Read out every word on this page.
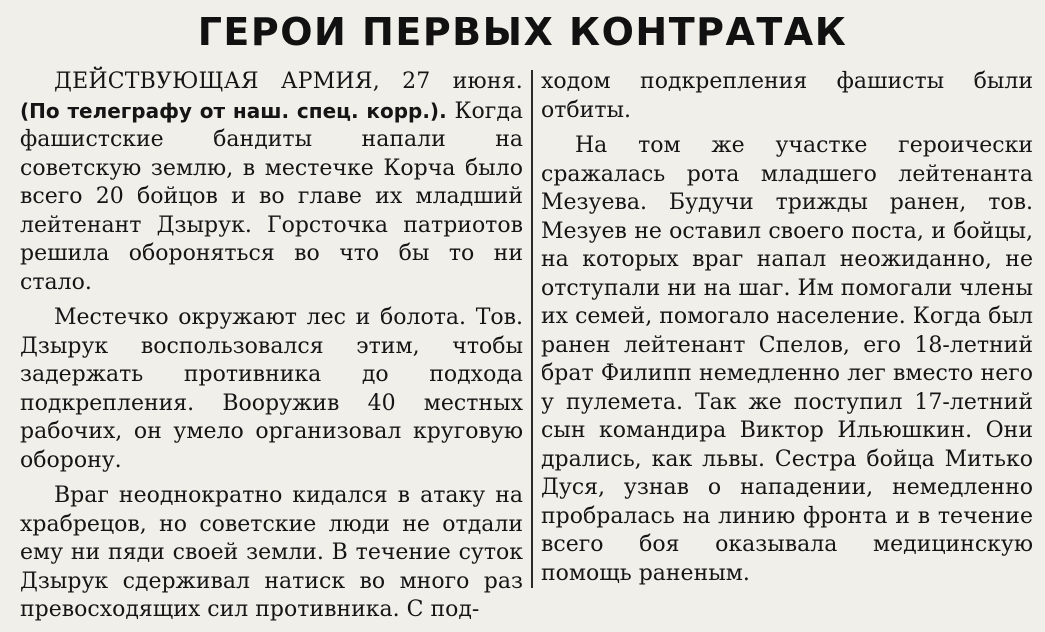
ГЕРОИ ПЕРВЫХ КОНТРАТАК

ДЕЙСТВУЮЩАЯ АРМИЯ, 27 июня. (По телеграфу от наш. спец. корр.). Когда фашистские бандиты напали на советскую землю, в местечке Корча было всего 20 бойцов и во главе их младший лейтенант Дзырук. Горсточка патриотов решила обороняться во что бы то ни стало.

Местечко окружают лес и болота. Тов. Дзырук воспользовался этим, чтобы задержать противника до подхода подкрепления. Вооружив 40 местных рабочих, он умело организовал круговую оборону.

Враг неоднократно кидался в атаку на храбрецов, но советские люди не отдали ему ни пяди своей земли. В течение суток Дзырук сдерживал натиск во много раз превосходящих сил противника. С под-

ходом подкрепления фашисты были отбиты.

На том же участке героически сражалась рота младшего лейтенанта Мезуева. Будучи трижды ранен, тов. Мезуев не оставил своего поста, и бойцы, на которых враг напал неожиданно, не отступали ни на шаг. Им помогали члены их семей, помогало население. Когда был ранен лейтенант Спелов, его 18-летний брат Филипп немедленно лег вместо него у пулемета. Так же поступил 17-летний сын командира Виктор Ильюшкин. Они дрались, как львы. Сестра бойца Митько Дуся, узнав о нападении, немедленно пробралась на линию фронта и в течение всего боя оказывала медицинскую помощь раненым.
